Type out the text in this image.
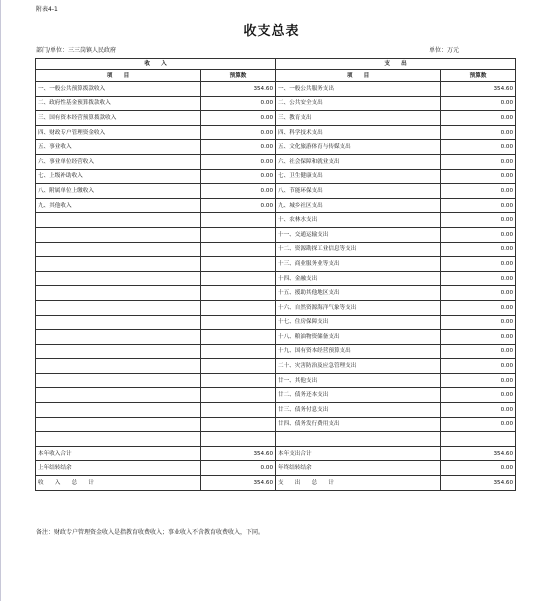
附表4-1
收支总表
部门/单位：三三岗镇人民政府	单位：万元
收　　入		支　　出	
项　　目	预算数	项　　目	预算数
一、一般公共预算拨款收入	354.60	一、一般公共服务支出	354.60
二、政府性基金预算拨款收入	0.00	二、公共安全支出	0.00
三、国有资本经营预算拨款收入	0.00	三、教育支出	0.00
四、财政专户管理资金收入	0.00	四、科学技术支出	0.00
五、事业收入	0.00	五、文化旅游体育与传媒支出	0.00
六、事业单位经营收入	0.00	六、社会保障和就业支出	0.00
七、上级补助收入	0.00	七、卫生健康支出	0.00
八、附属单位上缴收入	0.00	八、节能环保支出	0.00
九、其他收入	0.00	九、城乡社区支出	0.00
		十、农林水支出	0.00
		十一、交通运输支出	0.00
		十二、资源勘探工业信息等支出	0.00
		十三、商业服务业等支出	0.00
		十四、金融支出	0.00
		十五、援助其他地区支出	0.00
		十六、自然资源海洋气象等支出	0.00
		十七、住房保障支出	0.00
		十八、粮油物资储备支出	0.00
		十九、国有资本经营预算支出	0.00
		二十、灾害防治及应急管理支出	0.00
		廿一、其他支出	0.00
		廿二、债务还本支出	0.00
		廿三、债务付息支出	0.00
		廿四、债务发行费用支出	0.00

本年收入合计	354.60	本年支出合计	354.60
上年结转结余	0.00	年终结转结余	0.00
收　　入　　总　　计	354.60	支　　出　　总　　计	354.60
备注：财政专户管理资金收入是指教育收费收入；事业收入不含教育收费收入，下同。
